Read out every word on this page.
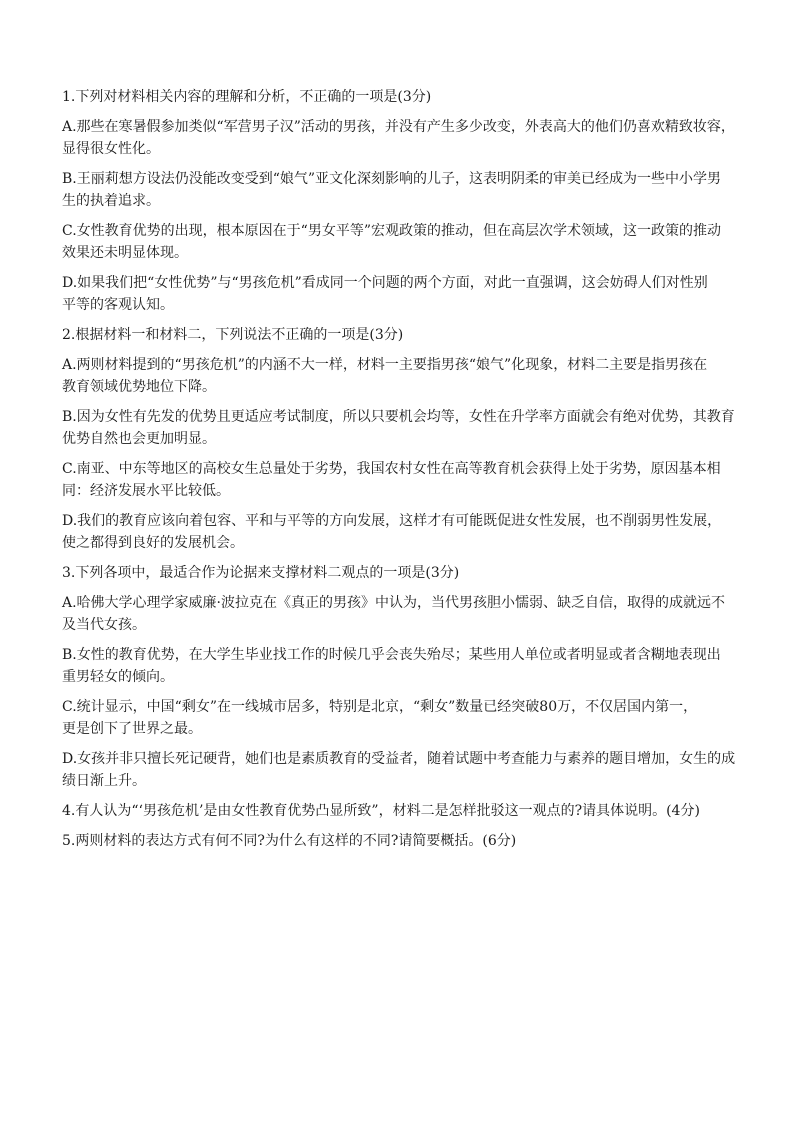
1.下列对材料相关内容的理解和分析，不正确的一项是(3分)

A.那些在寒暑假参加类似“军营男子汉”活动的男孩，并没有产生多少改变，外表高大的他们仍喜欢精致妆容，

显得很女性化。

B.王丽莉想方设法仍没能改变受到“娘气”亚文化深刻影响的儿子，这表明阴柔的审美已经成为一些中小学男

生的执着追求。

C.女性教育优势的出现，根本原因在于“男女平等”宏观政策的推动，但在高层次学术领域，这一政策的推动

效果还未明显体现。

D.如果我们把“女性优势”与“男孩危机”看成同一个问题的两个方面，对此一直强调，这会妨碍人们对性别

平等的客观认知。

2.根据材料一和材料二，下列说法不正确的一项是(3分)

A.两则材料提到的“男孩危机”的内涵不大一样，材料一主要指男孩“娘气”化现象，材料二主要是指男孩在

教育领域优势地位下降。

B.因为女性有先发的优势且更适应考试制度，所以只要机会均等，女性在升学率方面就会有绝对优势，其教育

优势自然也会更加明显。

C.南亚、中东等地区的高校女生总量处于劣势，我国农村女性在高等教育机会获得上处于劣势，原因基本相

同：经济发展水平比较低。

D.我们的教育应该向着包容、平和与平等的方向发展，这样才有可能既促进女性发展，也不削弱男性发展，

使之都得到良好的发展机会。

3.下列各项中，最适合作为论据来支撑材料二观点的一项是(3分)

A.哈佛大学心理学家威廉·波拉克在《真正的男孩》中认为，当代男孩胆小懦弱、缺乏自信，取得的成就远不

及当代女孩。

B.女性的教育优势，在大学生毕业找工作的时候几乎会丧失殆尽；某些用人单位或者明显或者含糊地表现出

重男轻女的倾向。

C.统计显示，中国“剩女”在一线城市居多，特别是北京，“剩女”数量已经突破80万，不仅居国内第一，

更是创下了世界之最。

D.女孩并非只擅长死记硬背，她们也是素质教育的受益者，随着试题中考查能力与素养的题目增加，女生的成

绩日渐上升。

4.有人认为“‘男孩危机’是由女性教育优势凸显所致”，材料二是怎样批驳这一观点的?请具体说明。(4分)

5.两则材料的表达方式有何不同?为什么有这样的不同?请简要概括。(6分)
